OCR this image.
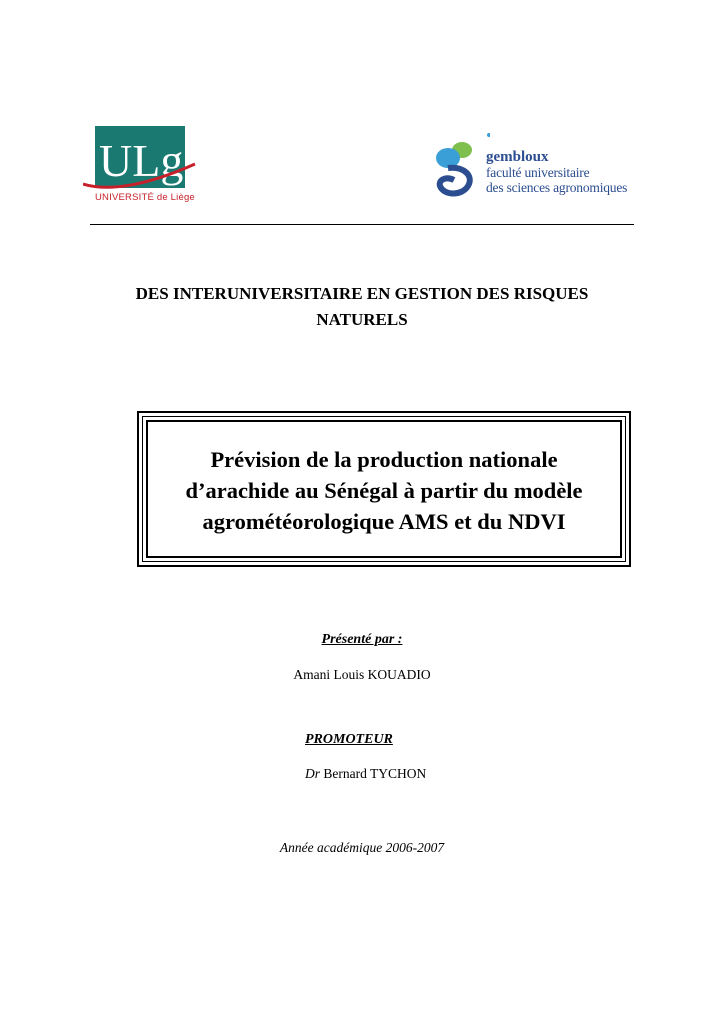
ULg
UNIVERSITÉ de Liège
gembloux
faculté universitaire
des sciences agronomiques
DES INTERUNIVERSITAIRE EN GESTION DES RISQUES NATURELS
Prévision de la production nationale
d’arachide au Sénégal à partir du modèle
agrométéorologique AMS et du NDVI
Présenté par :
Amani Louis KOUADIO
PROMOTEUR
Dr Bernard TYCHON
Année académique 2006-2007
